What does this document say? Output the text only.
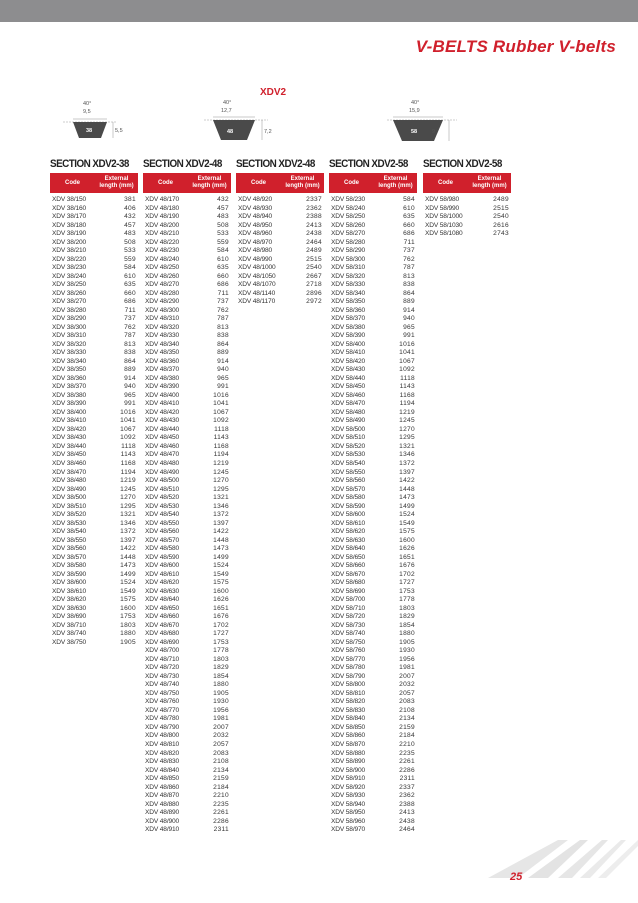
V-BELTS Rubber V-belts
XDV2
40°
9,5
38	5,5
40°
12,7
48	7,2
40°
15,9
58	9
SECTION XDV2-38
Code
External
length (mm)
XDV 38/150	381
XDV 38/160	406
XDV 38/170	432
XDV 38/180	457
XDV 38/190	483
XDV 38/200	508
XDV 38/210	533
XDV 38/220	559
XDV 38/230	584
XDV 38/240	610
XDV 38/250	635
XDV 38/260	660
XDV 38/270	686
XDV 38/280	711
XDV 38/290	737
XDV 38/300	762
XDV 38/310	787
XDV 38/320	813
XDV 38/330	838
XDV 38/340	864
XDV 38/350	889
XDV 38/360	914
XDV 38/370	940
XDV 38/380	965
XDV 38/390	991
XDV 38/400	1016
XDV 38/410	1041
XDV 38/420	1067
XDV 38/430	1092
XDV 38/440	1118
XDV 38/450	1143
XDV 38/460	1168
XDV 38/470	1194
XDV 38/480	1219
XDV 38/490	1245
XDV 38/500	1270
XDV 38/510	1295
XDV 38/520	1321
XDV 38/530	1346
XDV 38/540	1372
XDV 38/550	1397
XDV 38/560	1422
XDV 38/570	1448
XDV 38/580	1473
XDV 38/590	1499
XDV 38/600	1524
XDV 38/610	1549
XDV 38/620	1575
XDV 38/630	1600
XDV 38/690	1753
XDV 38/710	1803
XDV 38/740	1880
XDV 38/750	1905
SECTION XDV2-48
Code
External
length (mm)
XDV 48/170	432
XDV 48/180	457
XDV 48/190	483
XDV 48/200	508
XDV 48/210	533
XDV 48/220	559
XDV 48/230	584
XDV 48/240	610
XDV 48/250	635
XDV 48/260	660
XDV 48/270	686
XDV 48/280	711
XDV 48/290	737
XDV 48/300	762
XDV 48/310	787
XDV 48/320	813
XDV 48/330	838
XDV 48/340	864
XDV 48/350	889
XDV 48/360	914
XDV 48/370	940
XDV 48/380	965
XDV 48/390	991
XDV 48/400	1016
XDV 48/410	1041
XDV 48/420	1067
XDV 48/430	1092
XDV 48/440	1118
XDV 48/450	1143
XDV 48/460	1168
XDV 48/470	1194
XDV 48/480	1219
XDV 48/490	1245
XDV 48/500	1270
XDV 48/510	1295
XDV 48/520	1321
XDV 48/530	1346
XDV 48/540	1372
XDV 48/550	1397
XDV 48/560	1422
XDV 48/570	1448
XDV 48/580	1473
XDV 48/590	1499
XDV 48/600	1524
XDV 48/610	1549
XDV 48/620	1575
XDV 48/630	1600
XDV 48/640	1626
XDV 48/650	1651
XDV 48/660	1676
XDV 48/670	1702
XDV 48/680	1727
XDV 48/690	1753
XDV 48/700	1778
XDV 48/710	1803
XDV 48/720	1829
XDV 48/730	1854
XDV 48/740	1880
XDV 48/750	1905
XDV 48/760	1930
XDV 48/770	1956
XDV 48/780	1981
XDV 48/790	2007
XDV 48/800	2032
XDV 48/810	2057
XDV 48/820	2083
XDV 48/830	2108
XDV 48/840	2134
XDV 48/850	2159
XDV 48/860	2184
XDV 48/870	2210
XDV 48/880	2235
XDV 48/890	2261
XDV 48/900	2286
XDV 48/910	2311
SECTION XDV2-48
Code
External
length (mm)
XDV 48/920	2337
XDV 48/930	2362
XDV 48/940	2388
XDV 48/950	2413
XDV 48/960	2438
XDV 48/970	2464
XDV 48/980	2489
XDV 48/990	2515
XDV 48/1000	2540
XDV 48/1050	2667
XDV 48/1070	2718
XDV 48/1140	2896
XDV 48/1170	2972
SECTION XDV2-58
Code
External
length (mm)
XDV 58/230	584
XDV 58/240	610
XDV 58/250	635
XDV 58/260	660
XDV 58/270	686
XDV 58/280	711
XDV 58/290	737
XDV 58/300	762
XDV 58/310	787
XDV 58/320	813
XDV 58/330	838
XDV 58/340	864
XDV 58/350	889
XDV 58/360	914
XDV 58/370	940
XDV 58/380	965
XDV 58/390	991
XDV 58/400	1016
XDV 58/410	1041
XDV 58/420	1067
XDV 58/430	1092
XDV 58/440	1118
XDV 58/450	1143
XDV 58/460	1168
XDV 58/470	1194
XDV 58/480	1219
XDV 58/490	1245
XDV 58/500	1270
XDV 58/510	1295
XDV 58/520	1321
XDV 58/530	1346
XDV 58/540	1372
XDV 58/550	1397
XDV 58/560	1422
XDV 58/570	1448
XDV 58/580	1473
XDV 58/590	1499
XDV 58/600	1524
XDV 58/610	1549
XDV 58/620	1575
XDV 58/630	1600
XDV 58/640	1626
XDV 58/650	1651
XDV 58/660	1676
XDV 58/670	1702
XDV 58/680	1727
XDV 58/690	1753
XDV 58/700	1778
XDV 58/710	1803
XDV 58/720	1829
XDV 58/730	1854
XDV 58/740	1880
XDV 58/750	1905
XDV 58/760	1930
XDV 58/770	1956
XDV 58/780	1981
XDV 58/790	2007
XDV 58/800	2032
XDV 58/810	2057
XDV 58/820	2083
XDV 58/830	2108
XDV 58/840	2134
XDV 58/850	2159
XDV 58/860	2184
XDV 58/870	2210
XDV 58/880	2235
XDV 58/890	2261
XDV 58/900	2286
XDV 58/910	2311
XDV 58/920	2337
XDV 58/930	2362
XDV 58/940	2388
XDV 58/950	2413
XDV 58/960	2438
XDV 58/970	2464
SECTION XDV2-58
Code
External
length (mm)
XDV 58/980	2489
XDV 58/990	2515
XDV 58/1000	2540
XDV 58/1030	2616
XDV 58/1080	2743
25
